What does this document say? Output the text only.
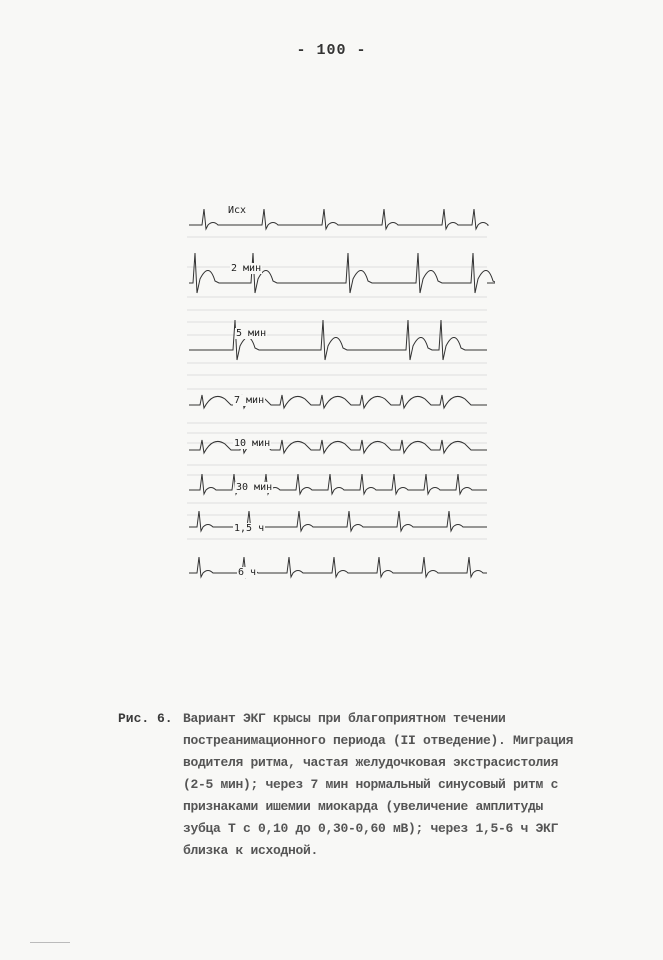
- 100 -
Исх
2 мин
5 мин
7 мин
10 мин
30 мин
1,5 ч
6 ч
Рис. 6. Вариант ЭКГ крысы при благоприятном течении постреанимационного периода (II отведение). Миграция водителя ритма, частая желудочковая экстрасистолия (2-5 мин); через 7 мин нормальный синусовый ритм с признаками ишемии миокарда (увеличение амплитуды зубца T с 0,10 до 0,30-0,60 мВ); через 1,5-6 ч ЭКГ близка к исходной.
